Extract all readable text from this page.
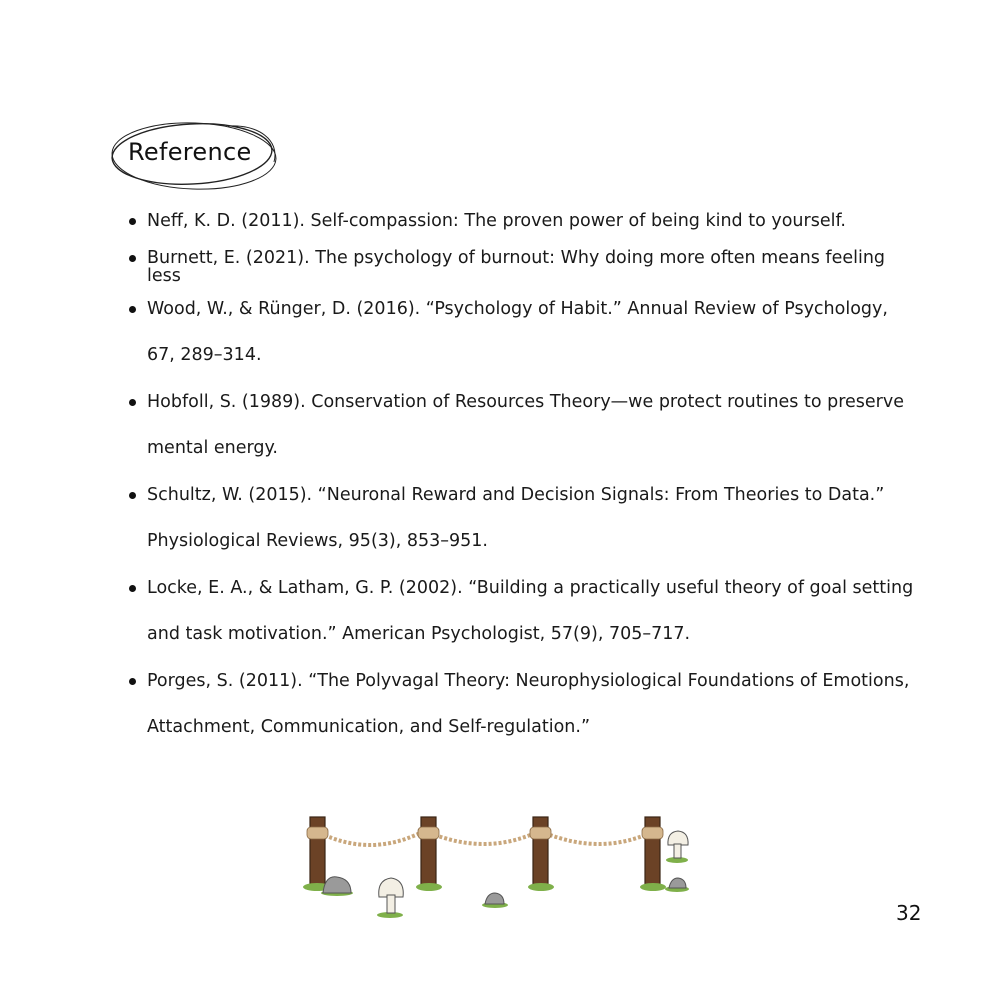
Reference
Neff, K. D. (2011). Self-compassion: The proven power of being kind to yourself.
Burnett, E. (2021). The psychology of burnout: Why doing more often means feeling
less
Wood, W., & Rünger, D. (2016). “Psychology of Habit.” Annual Review of Psychology,
67, 289–314.
Hobfoll, S. (1989). Conservation of Resources Theory—we protect routines to preserve
mental energy.
Schultz, W. (2015). “Neuronal Reward and Decision Signals: From Theories to Data.”
Physiological Reviews, 95(3), 853–951.
Locke, E. A., & Latham, G. P. (2002). “Building a practically useful theory of goal setting
and task motivation.” American Psychologist, 57(9), 705–717.
Porges, S. (2011). “The Polyvagal Theory: Neurophysiological Foundations of Emotions,
Attachment, Communication, and Self-regulation.”
32
